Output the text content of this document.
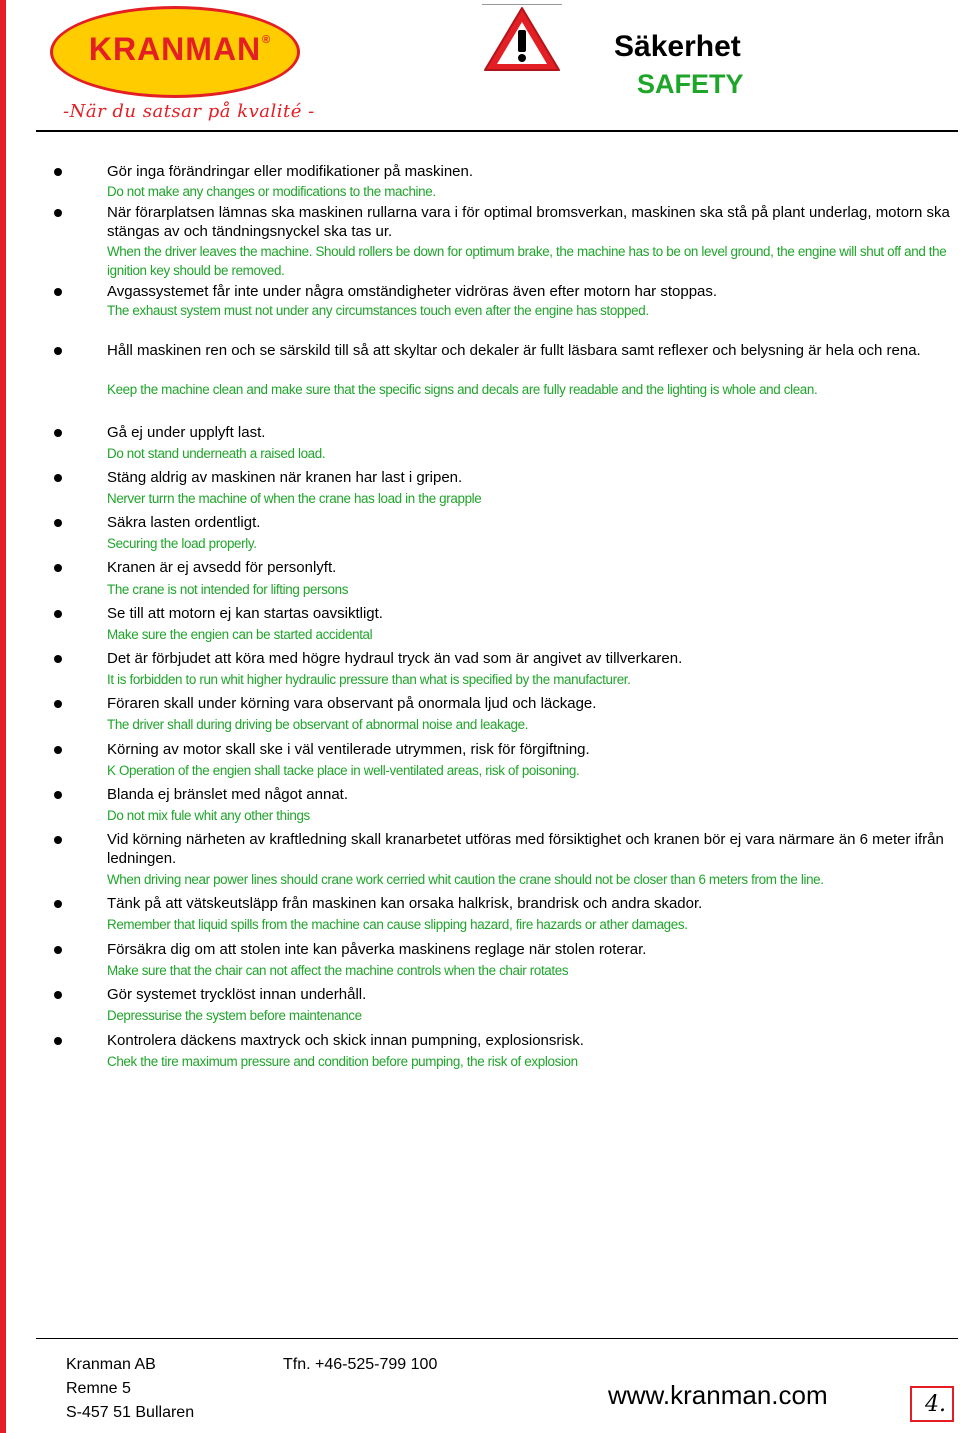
KRANMAN ®
-När du satsar på kvalité -
Säkerhet
SAFETY
Gör inga förändringar eller modifikationer på maskinen.
Do not make any changes or modifications to the machine.
När förarplatsen lämnas ska maskinen rullarna vara i för optimal bromsverkan, maskinen ska stå på plant underlag, motorn ska stängas av och tändningsnyckel ska tas ur.
When the driver leaves the machine. Should rollers be down for optimum brake, the machine has to be on level ground, the engine will shut off and the ignition key should be removed.
Avgassystemet får inte under några omständigheter vidröras även efter motorn har stoppas.
The exhaust system must not under any circumstances touch even after the engine has stopped.
Håll maskinen ren och se särskild till så att skyltar och dekaler är fullt läsbara samt reflexer och belysning är hela och rena.
Keep the machine clean and make sure that the specific signs and decals are fully readable and the lighting is whole and clean.
Gå ej under upplyft last.
Do not stand underneath a raised load.
Stäng aldrig av maskinen när kranen har last i gripen.
Nerver turrn the machine of when the crane has load in the grapple
Säkra lasten ordentligt.
Securing the load properly.
Kranen är ej avsedd för personlyft.
The crane is not intended for lifting persons
Se till att motorn ej kan startas oavsiktligt.
Make sure the engien can be started accidental
Det är förbjudet att köra med högre hydraul tryck än vad som är angivet av tillverkaren.
It is forbidden to run whit higher hydraulic pressure than what is specified by the manufacturer.
Föraren skall under körning vara observant på onormala ljud och läckage.
The driver shall during driving be observant of abnormal noise and leakage.
Körning av motor skall ske i väl ventilerade utrymmen, risk för förgiftning.
K Operation of the engien shall tacke place in well-ventilated areas, risk of poisoning.
Blanda ej bränslet med något annat.
Do not mix fule whit any other things
Vid körning närheten av kraftledning skall kranarbetet utföras med försiktighet och kranen bör ej vara närmare än 6 meter ifrån ledningen.
When driving near power lines should crane work cerried whit caution the crane should not be closer than 6 meters from the line.
Tänk på att vätskeutsläpp från maskinen kan orsaka halkrisk, brandrisk och andra skador.
Remember that liquid spills from the machine can cause slipping hazard, fire hazards or ather damages.
Försäkra dig om att stolen inte kan påverka maskinens reglage när stolen roterar.
Make sure that the chair can not affect the machine controls when the chair rotates
Gör systemet trycklöst innan underhåll.
Depressurise the system before maintenance
Kontrolera däckens maxtryck och skick innan pumpning, explosionsrisk.
Chek the tire maximum pressure and condition before pumping, the risk of explosion
Kranman AB
Remne 5
S-457 51 Bullaren
Tfn. +46-525-799 100
www.kranman.com	4.
